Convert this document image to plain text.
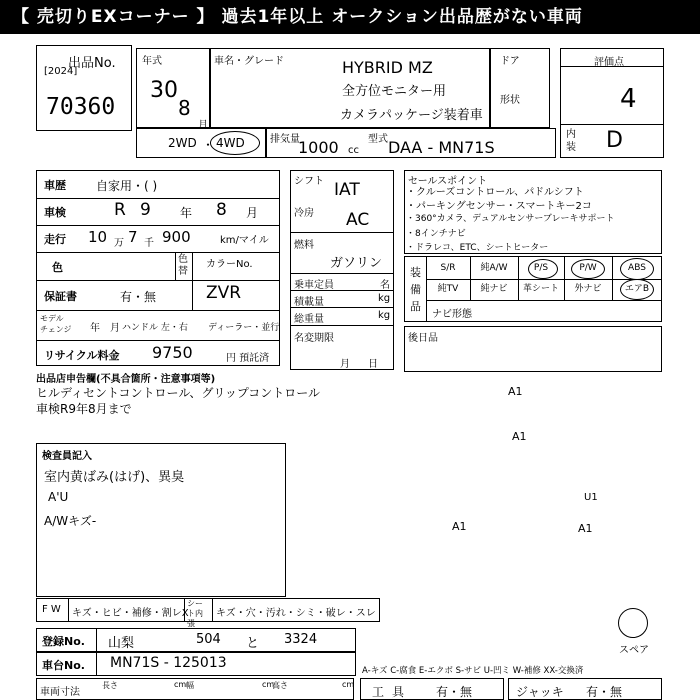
【 売切りEXコーナー 】 過去1年以上 オークション出品歴がない車両
出品No.
[2024]
70360
年式
30
8
月
車名・グレード	HYBRID MZ
全方位モニター用
カメラパッケージ装着車
ドア
形状
評価点
4
内装 D
2WD ・ 4WD	排気量
1000 cc
型式 DAA - MN71S
車歴	自家用・( )
車検	R 9 年 8 月
走行 10 万 7 千 900	km/マイル
色
色替
カラーNo.
ZVR
保証書	有・無
モデル
チェンジ 年 月 ハンドル 左・右 ディーラー・並行
リサイクル料金 9750	円 預託済
出品店申告欄(不具合箇所・注意事項等)
ヒルディセントコントロール、グリップコントロール
車検R9年8月まで
検査員記入
室内黄ばみ(はげ)、異臭
A'U
A/Wキズ-
シフト IAT
冷房 AC
燃料
ガソリン
乗車定員	名
積載量	kg
総重量	kg
名変期限
月日
セールスポイント
・クルーズコントロール、パドルシフト
・パーキングセンサー・スマートキー2コ
・360°カメラ、デュアルセンサーブレーキサポート
・8インチナビ
・ドラレコ、ETC、シートヒーター
装備品
S/R	純A/W	P/S	P/W	ABS
純TV	純ナビ	革シート	外ナビ	エアB
ナビ形態
後日品
A1
A1
A1	A1
U1
スペア
F W キズ・ヒビ・補修・割レX
シート内張
キズ・穴・汚れ・シミ・破レ・スレ
登録No. 山梨	504 と 3324
車台No. MN71S - 125013	A-キズ C-腐食 E-エクボ S-サビ U-凹ミ W-補修 XX-交換済
車両寸法
長さ	cm 幅	cm
高さ	cm
工具 有・無	ジャッキ 有・無
